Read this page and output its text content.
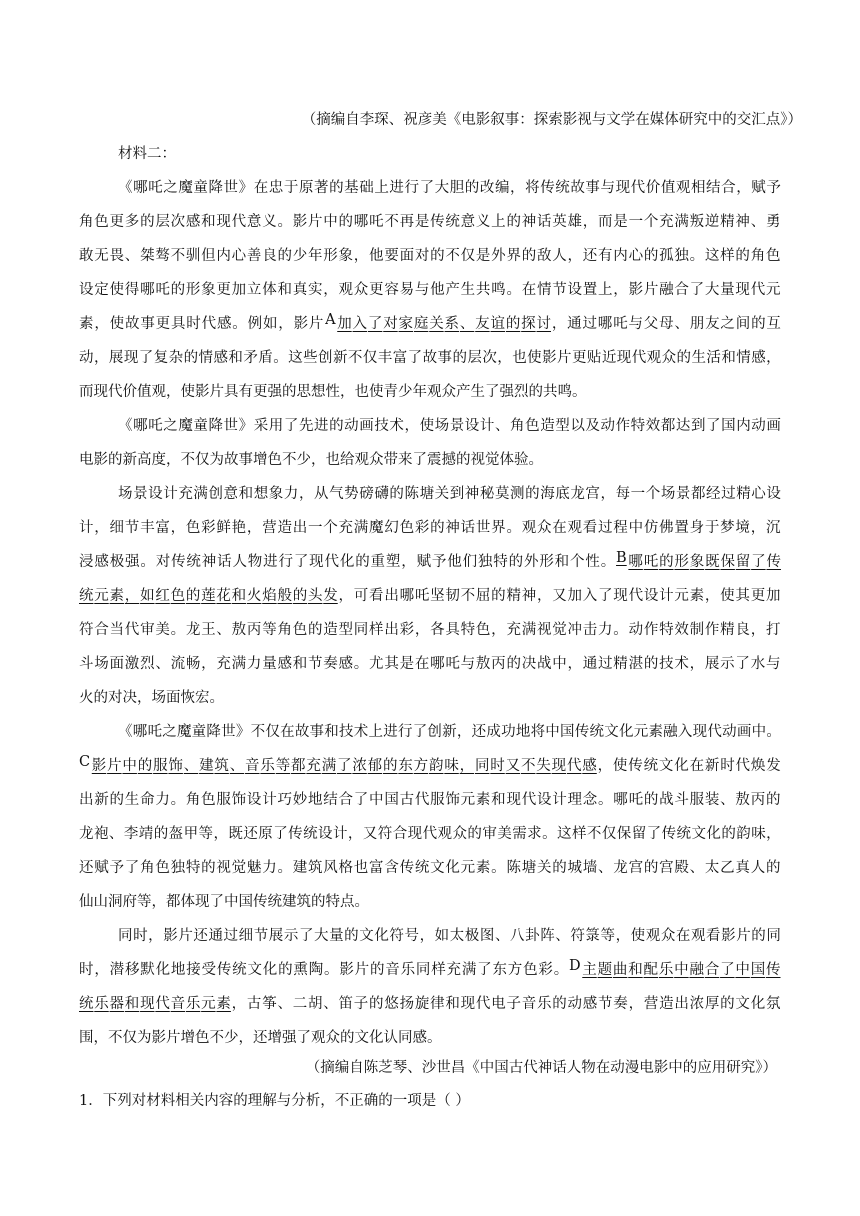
（摘编自李琛、祝彦美《电影叙事：探索影视与文学在媒体研究中的交汇点》）
材料二：
《 哪 吒 之 魔 童 降 世 》 在 忠 于 原 著 的 基 础 上 进 行 了 大 胆 的 改 编 ， 将 传 统 故 事 与 现 代 价 值 观 相 结 合 ， 赋 予
角 色 更 多 的 层 次 感 和 现 代 意 义 。 影 片 中 的 哪 吒 不 再 是 传 统 意 义 上 的 神 话 英 雄 ， 而 是 一 个 充 满 叛 逆 精 神 、 勇
敢 无 畏 、 桀 骜 不 驯 但 内 心 善 良 的 少 年 形 象 ， 他 要 面 对 的 不 仅 是 外 界 的 敌 人 ， 还 有 内 心 的 孤 独 。 这 样 的 角 色
设 定 使 得 哪 吒 的 形 象 更 加 立 体 和 真 实 ， 观 众 更 容 易 与 他 产 生 共 鸣 。 在 情 节 设 置 上 ， 影 片 融 合 了 大 量 现 代 元
素 ， 使 故 事 更 具 时 代 感 。 例 如 ， 影 片 A 加 入 了 对 家 庭 关 系 、 友 谊 的 探 讨 ， 通 过 哪 吒 与 父 母 、 朋 友 之 间 的 互
动 ， 展 现 了 复 杂 的 情 感 和 矛 盾 。 这 些 创 新 不 仅 丰 富 了 故 事 的 层 次 ， 也 使 影 片 更 贴 近 现 代 观 众 的 生 活 和 情 感 ，
而现代价值观，使影片具有更强的思想性，也使青少年观众产生了强烈的共鸣。
《 哪 吒 之 魔 童 降 世 》 采 用 了 先 进 的 动 画 技 术 ， 使 场 景 设 计 、 角 色 造 型 以 及 动 作 特 效 都 达 到 了 国 内 动 画
电影的新高度，不仅为故事增色不少，也给观众带来了震撼的视觉体验。
场 景 设 计 充 满 创 意 和 想 象 力 ， 从 气 势 磅 礴 的 陈 塘 关 到 神 秘 莫 测 的 海 底 龙 宫 ， 每 一 个 场 景 都 经 过 精 心 设
计 ， 细 节 丰 富 ， 色 彩 鲜 艳 ， 营 造 出 一 个 充 满 魔 幻 色 彩 的 神 话 世 界 。 观 众 在 观 看 过 程 中 仿 佛 置 身 于 梦 境 ， 沉
浸 感 极 强 。 对 传 统 神 话 人 物 进 行 了 现 代 化 的 重 塑 ， 赋 予 他 们 独 特 的 外 形 和 个 性 。 B 哪 吒 的 形 象 既 保 留 了 传
统 元 素 ， 如 红 色 的 莲 花 和 火 焰 般 的 头 发 ， 可 看 出 哪 吒 坚 韧 不 屈 的 精 神 ， 又 加 入 了 现 代 设 计 元 素 ， 使 其 更 加
符 合 当 代 审 美 。 龙 王 、 敖 丙 等 角 色 的 造 型 同 样 出 彩 ， 各 具 特 色 ， 充 满 视 觉 冲 击 力 。 动 作 特 效 制 作 精 良 ， 打
斗 场 面 激 烈 、 流 畅 ， 充 满 力 量 感 和 节 奏 感 。 尤 其 是 在 哪 吒 与 敖 丙 的 决 战 中 ， 通 过 精 湛 的 技 术 ， 展 示 了 水 与
火的对决，场面恢宏。
《 哪 吒 之 魔 童 降 世 》 不 仅 在 故 事 和 技 术 上 进 行 了 创 新 ， 还 成 功 地 将 中 国 传 统 文 化 元 素 融 入 现 代 动 画 中 。
C 影 片 中 的 服 饰 、 建 筑 、 音 乐 等 都 充 满 了 浓 郁 的 东 方 韵 味 ， 同 时 又 不 失 现 代 感 ， 使 传 统 文 化 在 新 时 代 焕 发
出 新 的 生 命 力 。 角 色 服 饰 设 计 巧 妙 地 结 合 了 中 国 古 代 服 饰 元 素 和 现 代 设 计 理 念 。 哪 吒 的 战 斗 服 装 、 敖 丙 的
龙 袍 、 李 靖 的 盔 甲 等 ， 既 还 原 了 传 统 设 计 ， 又 符 合 现 代 观 众 的 审 美 需 求 。 这 样 不 仅 保 留 了 传 统 文 化 的 韵 味 ，
还 赋 予 了 角 色 独 特 的 视 觉 魅 力 。 建 筑 风 格 也 富 含 传 统 文 化 元 素 。 陈 塘 关 的 城 墙 、 龙 宫 的 宫 殿 、 太 乙 真 人 的
仙山洞府等，都体现了中国传统建筑的特点。
同 时 ， 影 片 还 通 过 细 节 展 示 了 大 量 的 文 化 符 号 ， 如 太 极 图 、 八 卦 阵 、 符 箓 等 ， 使 观 众 在 观 看 影 片 的 同
时 ， 潜 移 默 化 地 接 受 传 统 文 化 的 熏 陶 。 影 片 的 音 乐 同 样 充 满 了 东 方 色 彩 。 D 主 题 曲 和 配 乐 中 融 合 了 中 国 传
统 乐 器 和 现 代 音 乐 元 素 ， 古 筝 、 二 胡 、 笛 子 的 悠 扬 旋 律 和 现 代 电 子 音 乐 的 动 感 节 奏 ， 营 造 出 浓 厚 的 文 化 氛
围，不仅为影片增色不少，还增强了观众的文化认同感。
（摘编自陈芝琴、沙世昌《中国古代神话人物在动漫电影中的应用研究》）
1．下列对材料相关内容的理解与分析，不正确的一项是（ ）
